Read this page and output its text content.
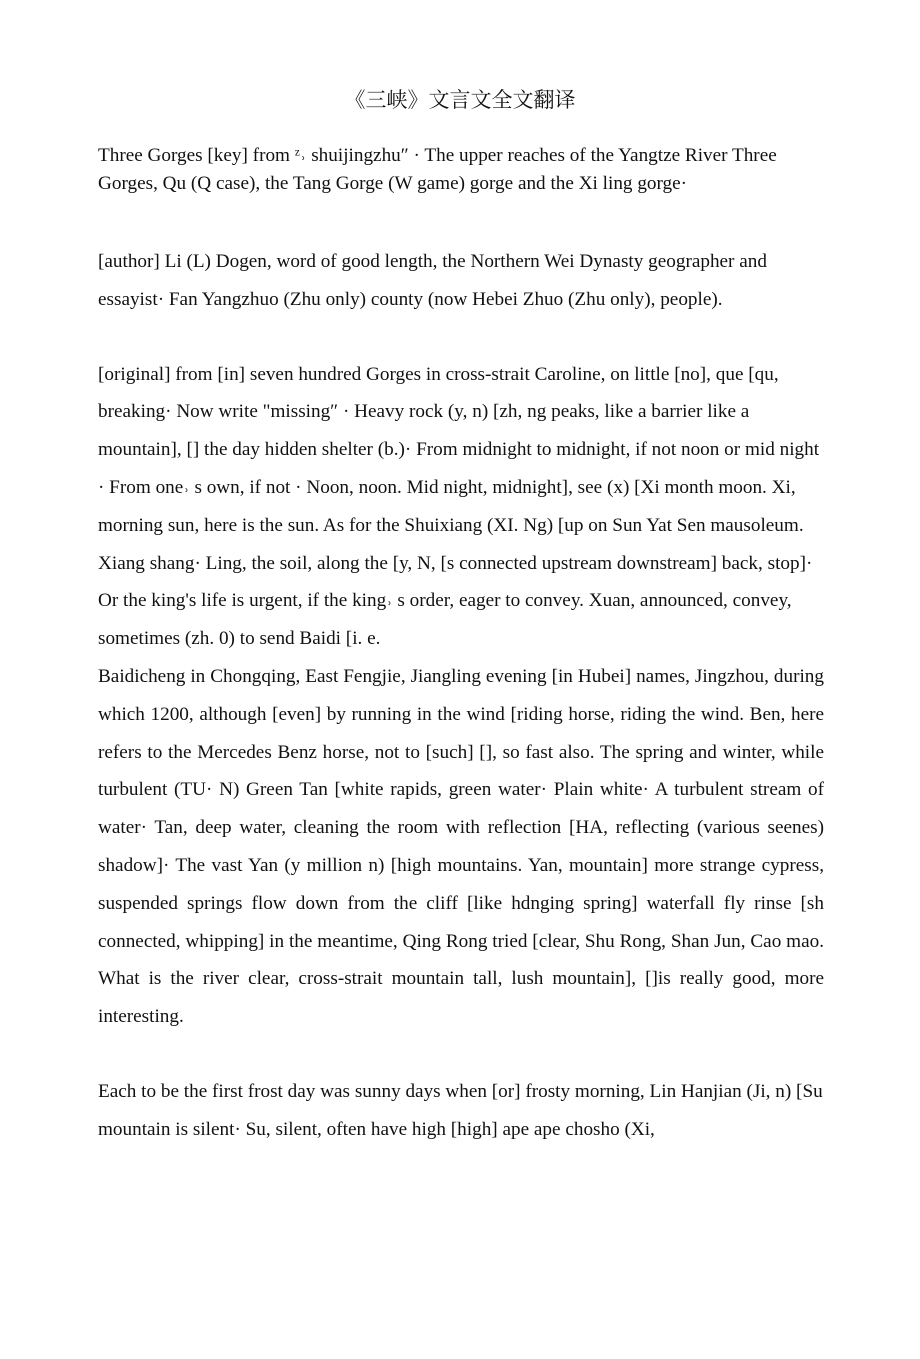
《三峡》文言文全文翻译

Three Gorges [key] from ᶻ˒ shuijingzhu″ · The upper reaches of the Yangtze River Three Gorges, Qu (Q case), the Tang Gorge (W game) gorge and the Xi ling gorge·

[author] Li (L) Dogen, word of good length, the Northern Wei Dynasty geographer and essayist· Fan Yangzhuo (Zhu only) county (now Hebei Zhuo (Zhu only), people).

[original] from [in] seven hundred Gorges in cross-strait Caroline, on little [no], que [qu, breaking· Now write "missing″ · Heavy rock (y, n) [zh, ng peaks, like a barrier like a mountain], [] the day hidden shelter (b.)· From midnight to midnight, if not noon or mid night · From one˒ s own, if not · Noon, noon. Mid night, midnight], see (x) [Xi month moon. Xi, morning sun, here is the sun. As for the Shuixiang (XI. Ng) [up on Sun Yat Sen mausoleum. Xiang shang· Ling, the soil, along the [y, N, [s connected upstream downstream] back, stop]· Or the king's life is urgent, if the king˒ s order, eager to convey. Xuan, announced, convey, sometimes (zh. 0) to send Baidi [i. e.

Baidicheng in Chongqing, East Fengjie, Jiangling evening [in Hubei] names, Jingzhou, during which 1200, although [even] by running in the wind [riding horse, riding the wind. Ben, here refers to the Mercedes Benz horse, not to [such] [], so fast also. The spring and winter, while turbulent (TU· N) Green Tan [white rapids, green water· Plain white· A turbulent stream of water· Tan, deep water, cleaning the room with reflection [HA, reflecting (various seenes) shadow]· The vast Yan (y million n) [high mountains. Yan, mountain] more strange cypress, suspended springs flow down from the cliff [like hdnging spring] waterfall fly rinse [sh connected, whipping] in the meantime, Qing Rong tried [clear, Shu Rong, Shan Jun, Cao mao. What is the river clear, cross-strait mountain tall, lush mountain], []is really good, more interesting.

Each to be the first frost day was sunny days when [or] frosty morning, Lin Hanjian (Ji, n) [Su mountain is silent· Su, silent, often have high [high] ape ape chosho (Xi,
